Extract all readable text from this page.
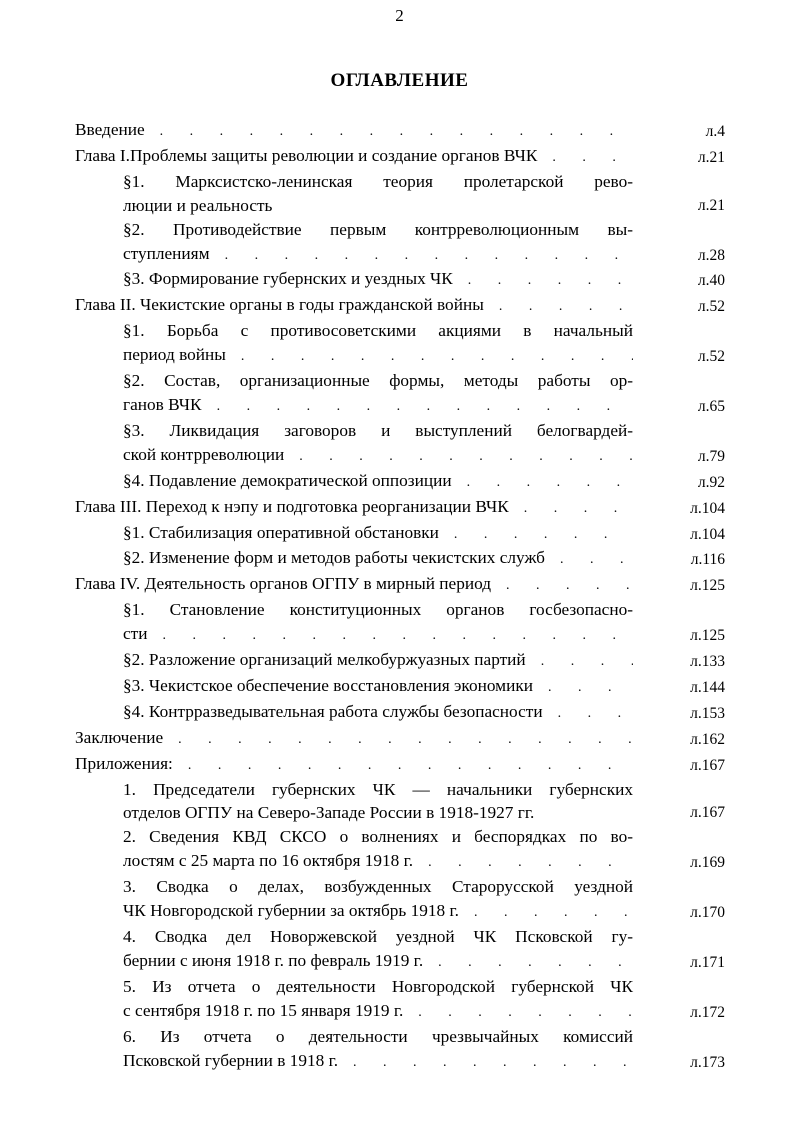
2
ОГЛАВЛЕНИЕ
Введение . . .	л.4
Глава I.Проблемы защиты революции и создание органов ВЧК . . .	л.21
§1. Марксистско-ленинская теория пролетарской рево-
люции и реальность	л.21
§2. Противодействие первым контрреволюционным вы-
ступлениям . . .	л.28
§3. Формирование губернских и уездных ЧК . . .	л.40
Глава II. Чекистские органы в годы гражданской войны . . .	л.52
§1. Борьба с противосоветскими акциями в начальный
период войны . . .	л.52
§2. Состав, организационные формы, методы работы ор-
ганов ВЧК . . .	л.65
§3. Ликвидация заговоров и выступлений белогвардей-
ской контрреволюции . . .	л.79
§4. Подавление демократической оппозиции . . .	л.92
Глава III. Переход к нэпу и подготовка реорганизации ВЧК . . .	л.104
§1. Стабилизация оперативной обстановки . . .	л.104
§2. Изменение форм и методов работы чекистских служб . . .	л.116
Глава IV. Деятельность органов ОГПУ в мирный период . . .	л.125
§1. Становление конституционных органов госбезопасно-
сти . . .	л.125
§2. Разложение организаций мелкобуржуазных партий . . .	л.133
§3. Чекистское обеспечение восстановления экономики . . .	л.144
§4. Контрразведывательная работа службы безопасности . . .	л.153
Заключение . . .	л.162
Приложения: . . .	л.167
1. Председатели губернских ЧК — начальники губернских
отделов ОГПУ на Северо-Западе России в 1918-1927 гг.	л.167
2. Сведения КВД СКСО о волнениях и беспорядках по во-
лостям с 25 марта по 16 октября 1918 г. . . .	л.169
3. Сводка о делах, возбужденных Старорусской уездной
ЧК Новгородской губернии за октябрь 1918 г. . . .	л.170
4. Сводка дел Новоржевской уездной ЧК Псковской гу-
бернии с июня 1918 г. по февраль 1919 г. . . .	л.171
5. Из отчета о деятельности Новгородской губернской ЧК
с сентября 1918 г. по 15 января 1919 г. . . .	л.172
6. Из отчета о деятельности чрезвычайных комиссий
Псковской губернии в 1918 г. . . .	л.173
